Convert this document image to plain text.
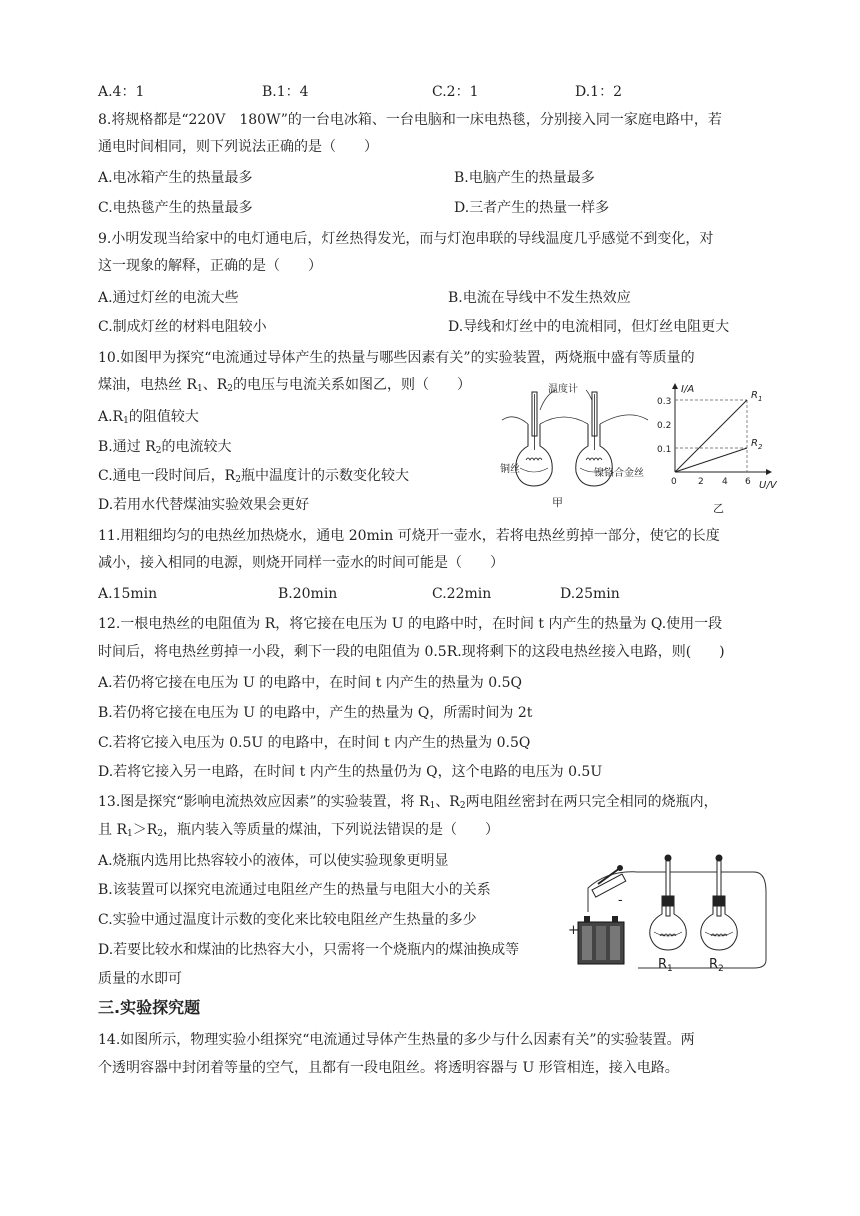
A.4：1	B.1：4	C.2：1	D.1：2
8.将规格都是“220V　180W”的一台电冰箱、一台电脑和一床电热毯，分别接入同一家庭电路中，若
通电时间相同，则下列说法正确的是（　　）
A.电冰箱产生的热量最多	B.电脑产生的热量最多
C.电热毯产生的热量最多	D.三者产生的热量一样多
9.小明发现当给家中的电灯通电后，灯丝热得发光，而与灯泡串联的导线温度几乎感觉不到变化，对
这一现象的解释，正确的是（　　）
A.通过灯丝的电流大些	B.电流在导线中不发生热效应
C.制成灯丝的材料电阻较小	D.导线和灯丝中的电流相同，但灯丝电阻更大
10.如图甲为探究“电流通过导体产生的热量与哪些因素有关”的实验装置，两烧瓶中盛有等质量的
煤油，电热丝 $R_1$、$R_2$的电压与电流关系如图乙，则（　　）
$A.R_1$的阻值较大
B.通过 $R_2$的电流较大
C.通电一段时间后，$R_2$瓶中温度计的示数变化较大
D.若用水代替煤油实验效果会更好
温度计
铜丝	镍铬合金丝
甲
I/A
U/V
0.3
0.2
0.1
0 2 4 6
$R_1$
$R_2$
乙
11.用粗细均匀的电热丝加热烧水，通电 20min 可烧开一壶水，若将电热丝剪掉一部分，使它的长度
减小，接入相同的电源，则烧开同样一壶水的时间可能是（　　）
A.15min	B.20min	C.22min	D.25min
12.一根电热丝的电阻值为 R，将它接在电压为 U 的电路中时，在时间 t 内产生的热量为 Q.使用一段
时间后，将电热丝剪掉一小段，剩下一段的电阻值为 0.5R.现将剩下的这段电热丝接入电路，则(　　)
A.若仍将它接在电压为 U 的电路中，在时间 t 内产生的热量为 0.5Q
B.若仍将它接在电压为 U 的电路中，产生的热量为 Q，所需时间为 2t
C.若将它接入电压为 0.5U 的电路中，在时间 t 内产生的热量为 0.5Q
D.若将它接入另一电路，在时间 t 内产生的热量仍为 Q，这个电路的电压为 0.5U
13.图是探究“影响电流热效应因素”的实验装置，将 $R_1$、$R_2$两电阻丝密封在两只完全相同的烧瓶内，
且 $R_1>R_2$，瓶内装入等质量的煤油，下列说法错误的是（　　）
A.烧瓶内选用比热容较小的液体，可以使实验现象更明显
B.该装置可以探究电流通过电阻丝产生的热量与电阻大小的关系
C.实验中通过温度计示数的变化来比较电阻丝产生热量的多少
D.若要比较水和煤油的比热容大小，只需将一个烧瓶内的煤油换成等
质量的水即可
+
-
$R_1$	$R_2$
三.实验探究题
14.如图所示，物理实验小组探究“电流通过导体产生热量的多少与什么因素有关”的实验装置。两
个透明容器中封闭着等量的空气，且都有一段电阻丝。将透明容器与 U 形管相连，接入电路。
